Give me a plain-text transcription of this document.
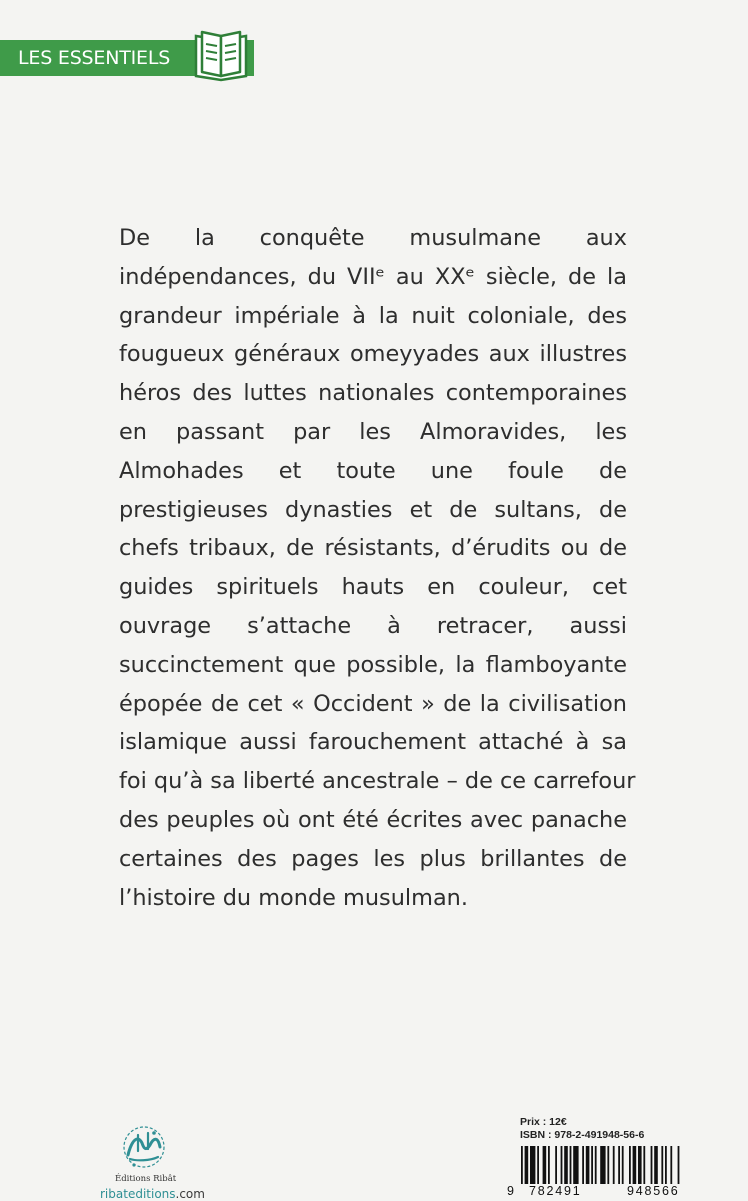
LES ESSENTIELS
De la conquête musulmane aux
indépendances, du VIIᵉ au XXᵉ siècle, de la
grandeur impériale à la nuit coloniale, des
fougueux généraux omeyyades aux illustres
héros des luttes nationales contemporaines
en passant par les Almoravides, les
Almohades et toute une foule de
prestigieuses dynasties et de sultans, de
chefs tribaux, de résistants, d’érudits ou de
guides spirituels hauts en couleur, cet
ouvrage s’attache à retracer, aussi
succinctement que possible, la flamboyante
épopée de cet « Occident » de la civilisation
islamique aussi farouchement attaché à sa
foi qu’à sa liberté ancestrale – de ce carrefour
des peuples où ont été écrites avec panache
certaines des pages les plus brillantes de
l’histoire du monde musulman.
Éditions Ribât
ribateditions.com
Prix : 12€
ISBN : 978-2-491948-56-6
9 782491	948566
